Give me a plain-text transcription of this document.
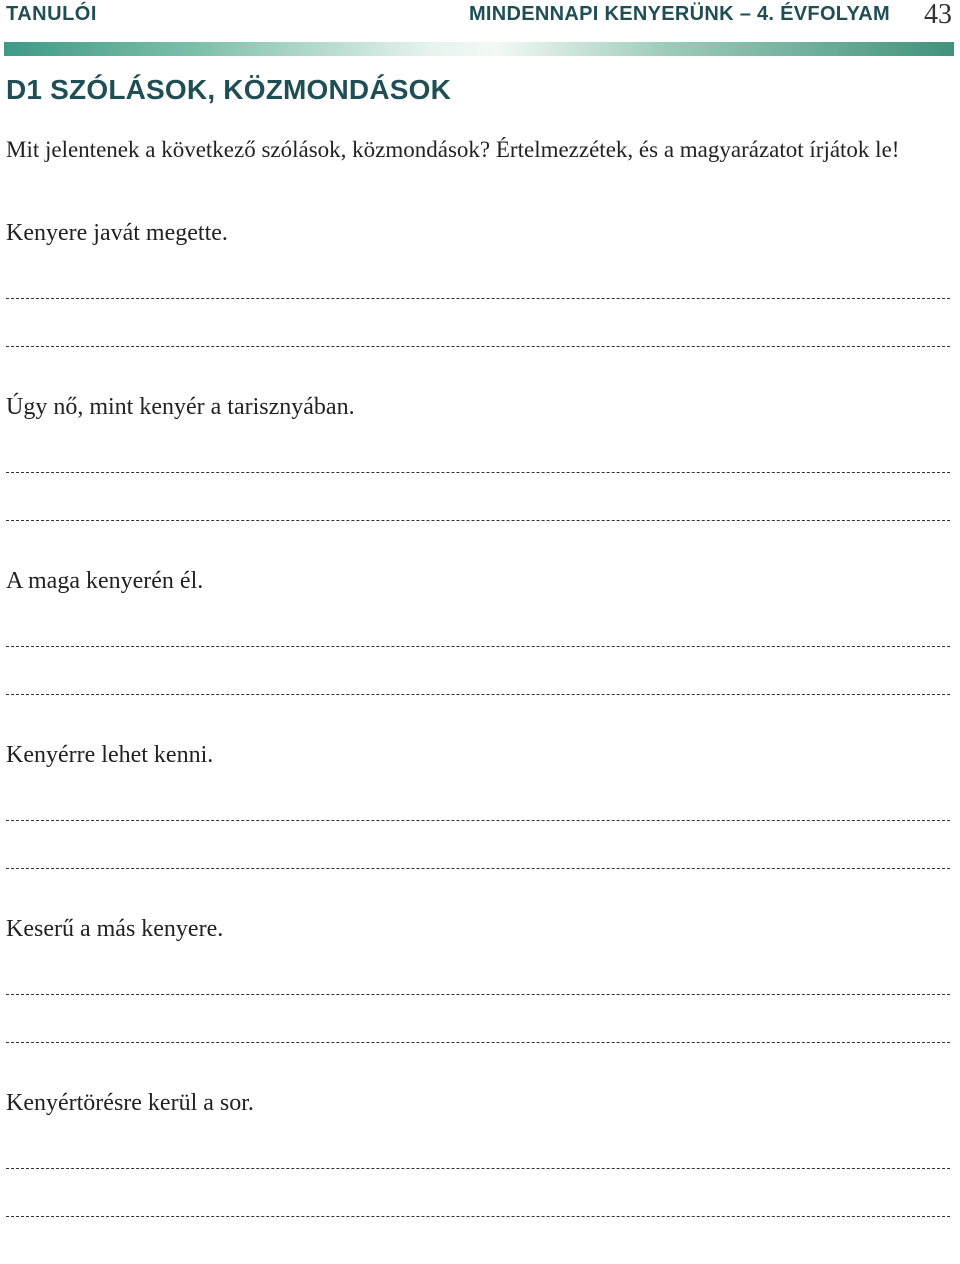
TANULÓI	MINDENNAPI KENYERÜNK – 4. ÉVFOLYAM 43
D1 SZÓLÁSOK, KÖZMONDÁSOK
Mit jelentenek a következő szólások, közmondások? Értelmezzétek, és a magyarázatot írjátok le!
Kenyere javát megette.
Úgy nő, mint kenyér a tarisznyában.
A maga kenyerén él.
Kenyérre lehet kenni.
Keserű a más kenyere.
Kenyértörésre kerül a sor.
